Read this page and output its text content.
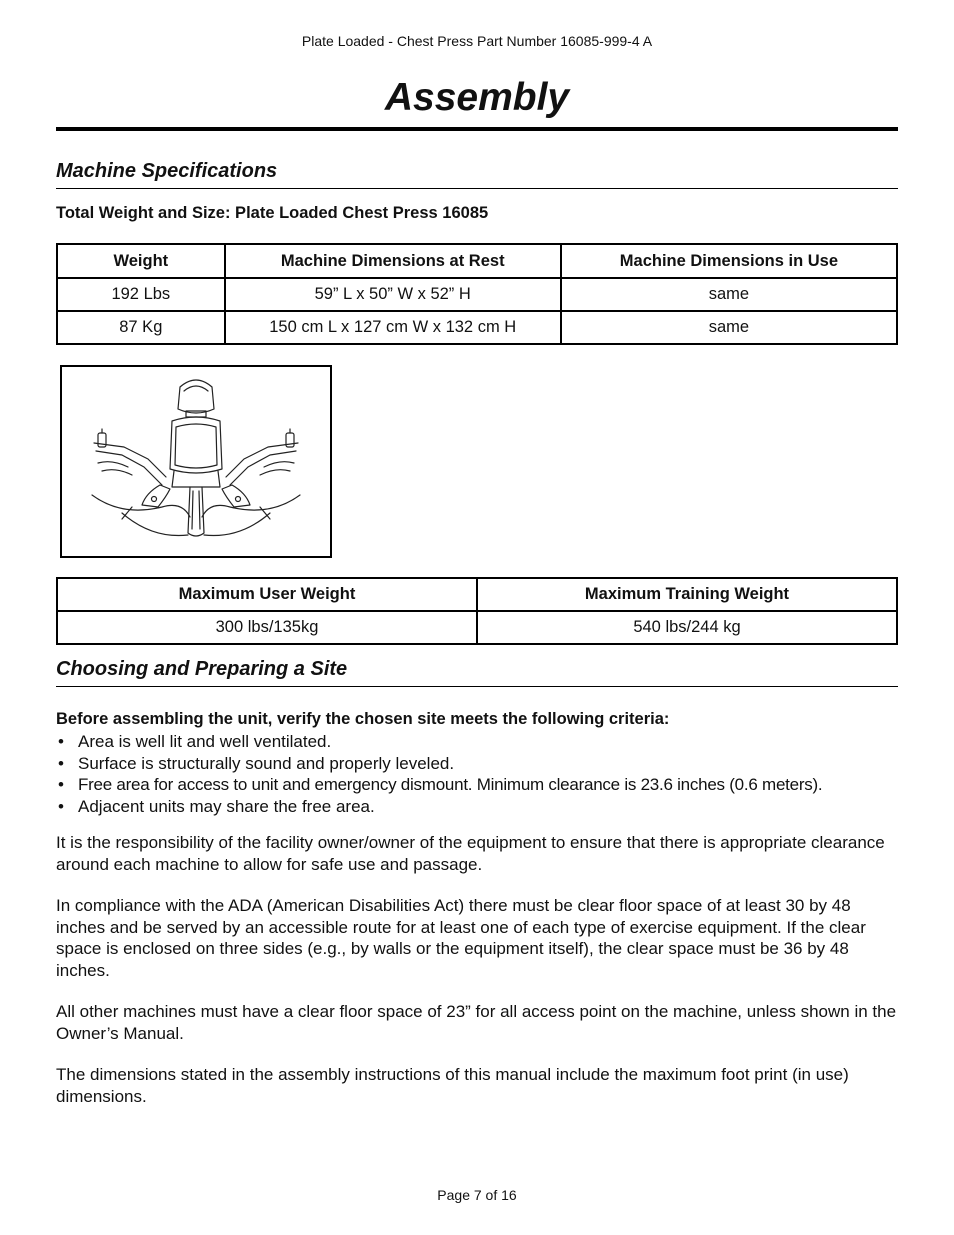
Plate Loaded - Chest Press Part Number 16085-999-4 A
Assembly
Machine Specifications
Total Weight and Size: Plate Loaded Chest Press 16085
Weight	Machine Dimensions at Rest	Machine Dimensions in Use
192 Lbs	59” L x 50” W x 52” H	same
87 Kg	150 cm L x 127 cm W x 132 cm H	same
Maximum User Weight	Maximum Training Weight
300 lbs/135kg	540 lbs/244 kg
Choosing and Preparing a Site
Before assembling the unit, verify the chosen site meets the following criteria:
• Area is well lit and well ventilated.
• Surface is structurally sound and properly leveled.
• Free area for access to unit and emergency dismount. Minimum clearance is 23.6 inches (0.6 meters).
• Adjacent units may share the free area.

It is the responsibility of the facility owner/owner of the equipment to ensure that there is appropriate clearance around each machine to allow for safe use and passage.

In compliance with the ADA (American Disabilities Act) there must be clear floor space of at least 30 by 48 inches and be served by an accessible route for at least one of each type of exercise equipment. If the clear space is enclosed on three sides (e.g., by walls or the equipment itself), the clear space must be 36 by 48 inches.

All other machines must have a clear floor space of 23” for all access point on the machine, unless shown in the Owner’s Manual.

The dimensions stated in the assembly instructions of this manual include the maximum foot print (in use) dimensions.

Page 7 of 16
